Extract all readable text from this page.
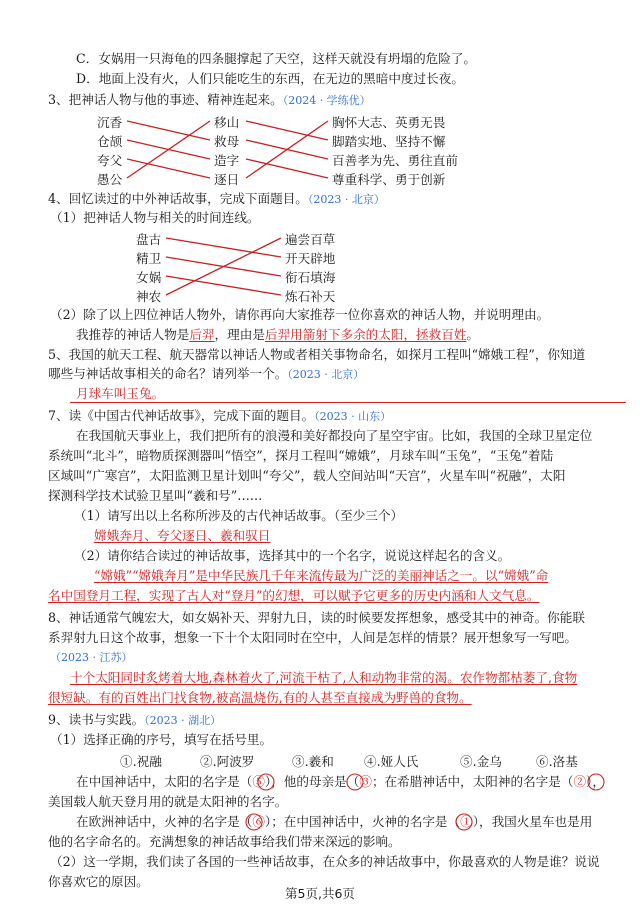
C．女娲用一只海龟的四条腿撑起了天空，这样天就没有坍塌的危险了。
D．地面上没有火，人们只能吃生的东西，在无边的黑暗中度过长夜。
3、把神话人物与他的事迹、精神连起来。（2024 · 学练优）
沉香
仓颉
夸父
愚公
移山
救母
造字
逐日
胸怀大志、英勇无畏
脚踏实地、坚持不懈
百善孝为先、勇往直前
尊重科学、勇于创新
4、回忆读过的中外神话故事，完成下面题目。（2023 · 北京）
（1）把神话人物与相关的时间连线。
盘古
精卫
女娲
神农
遍尝百草
开天辟地
衔石填海
炼石补天
（2）除了以上四位神话人物外，请你再向大家推荐一位你喜欢的神话人物，并说明理由。
我推荐的神话人物是后羿，理由是后羿用箭射下多余的太阳，拯救百姓。
5、我国的航天工程、航天器常以神话人物或者相关事物命名，如探月工程叫“嫦娥工程”，你知道
哪些与神话故事相关的命名？请列举一个。（2023 · 北京）
月球车叫玉兔。
7、读《中国古代神话故事》，完成下面的题目。（2023 · 山东）
在我国航天事业上，我们把所有的浪漫和美好都投向了星空宇宙。比如，我国的全球卫星定位
系统叫“北斗”，暗物质探测器叫“悟空”，探月工程叫“嫦娥”，月球车叫“玉兔”，“玉兔”着陆
区域叫“广寒宫”，太阳监测卫星计划叫“夸父”，载人空间站叫“天宫”，火星车叫“祝融”，太阳
探测科学技术试验卫星叫“羲和号”……
（1）请写出以上名称所涉及的古代神话故事。（至少三个）
嫦娥奔月、夸父逐日、羲和驭日
（2）请你结合读过的神话故事，选择其中的一个名字，说说这样起名的含义。
“嫦娥”“嫦娥奔月”是中华民族几千年来流传最为广泛的美丽神话之一。以“嫦娥”命
名中国登月工程，实现了古人对“登月”的幻想，可以赋予它更多的历史内涵和人文气息。
8、神话通常气魄宏大，如女娲补天、羿射九日，读的时候要发挥想象，感受其中的神奇。你能联
系羿射九日这个故事，想象一下十个太阳同时在空中，人间是怎样的情景？展开想象写一写吧。
（2023 · 江苏）
十个太阳同时炙烤着大地,森林着火了,河流干枯了,人和动物非常的渴。农作物都枯萎了,食物
很短缺。有的百姓出门找食物,被高温烧伤,有的人甚至直接成为野兽的食物。
9、读书与实践。（2023 · 湖北）
（1）选择正确的序号，填写在括号里。
①.祝融	②.阿波罗	③.羲和 ④.娅人氏	⑤.金乌	⑥.洛基
在中国神话中，太阳的名字是（⑤），他的母亲是（③；在希腊神话中，太阳神的名字是（②），
美国载人航天登月用的就是太阳神的名字。
在欧洲神话中，火神的名字是（⑥）；在中国神话中，火神的名字是（①），我国火星车也是用
他的名字命名的。充满想象的神话故事给我们带来深远的影响。
（2）这一学期，我们读了各国的一些神话故事，在众多的神话故事中，你最喜欢的人物是谁？说说
你喜欢它的原因。
第5页,共6页
